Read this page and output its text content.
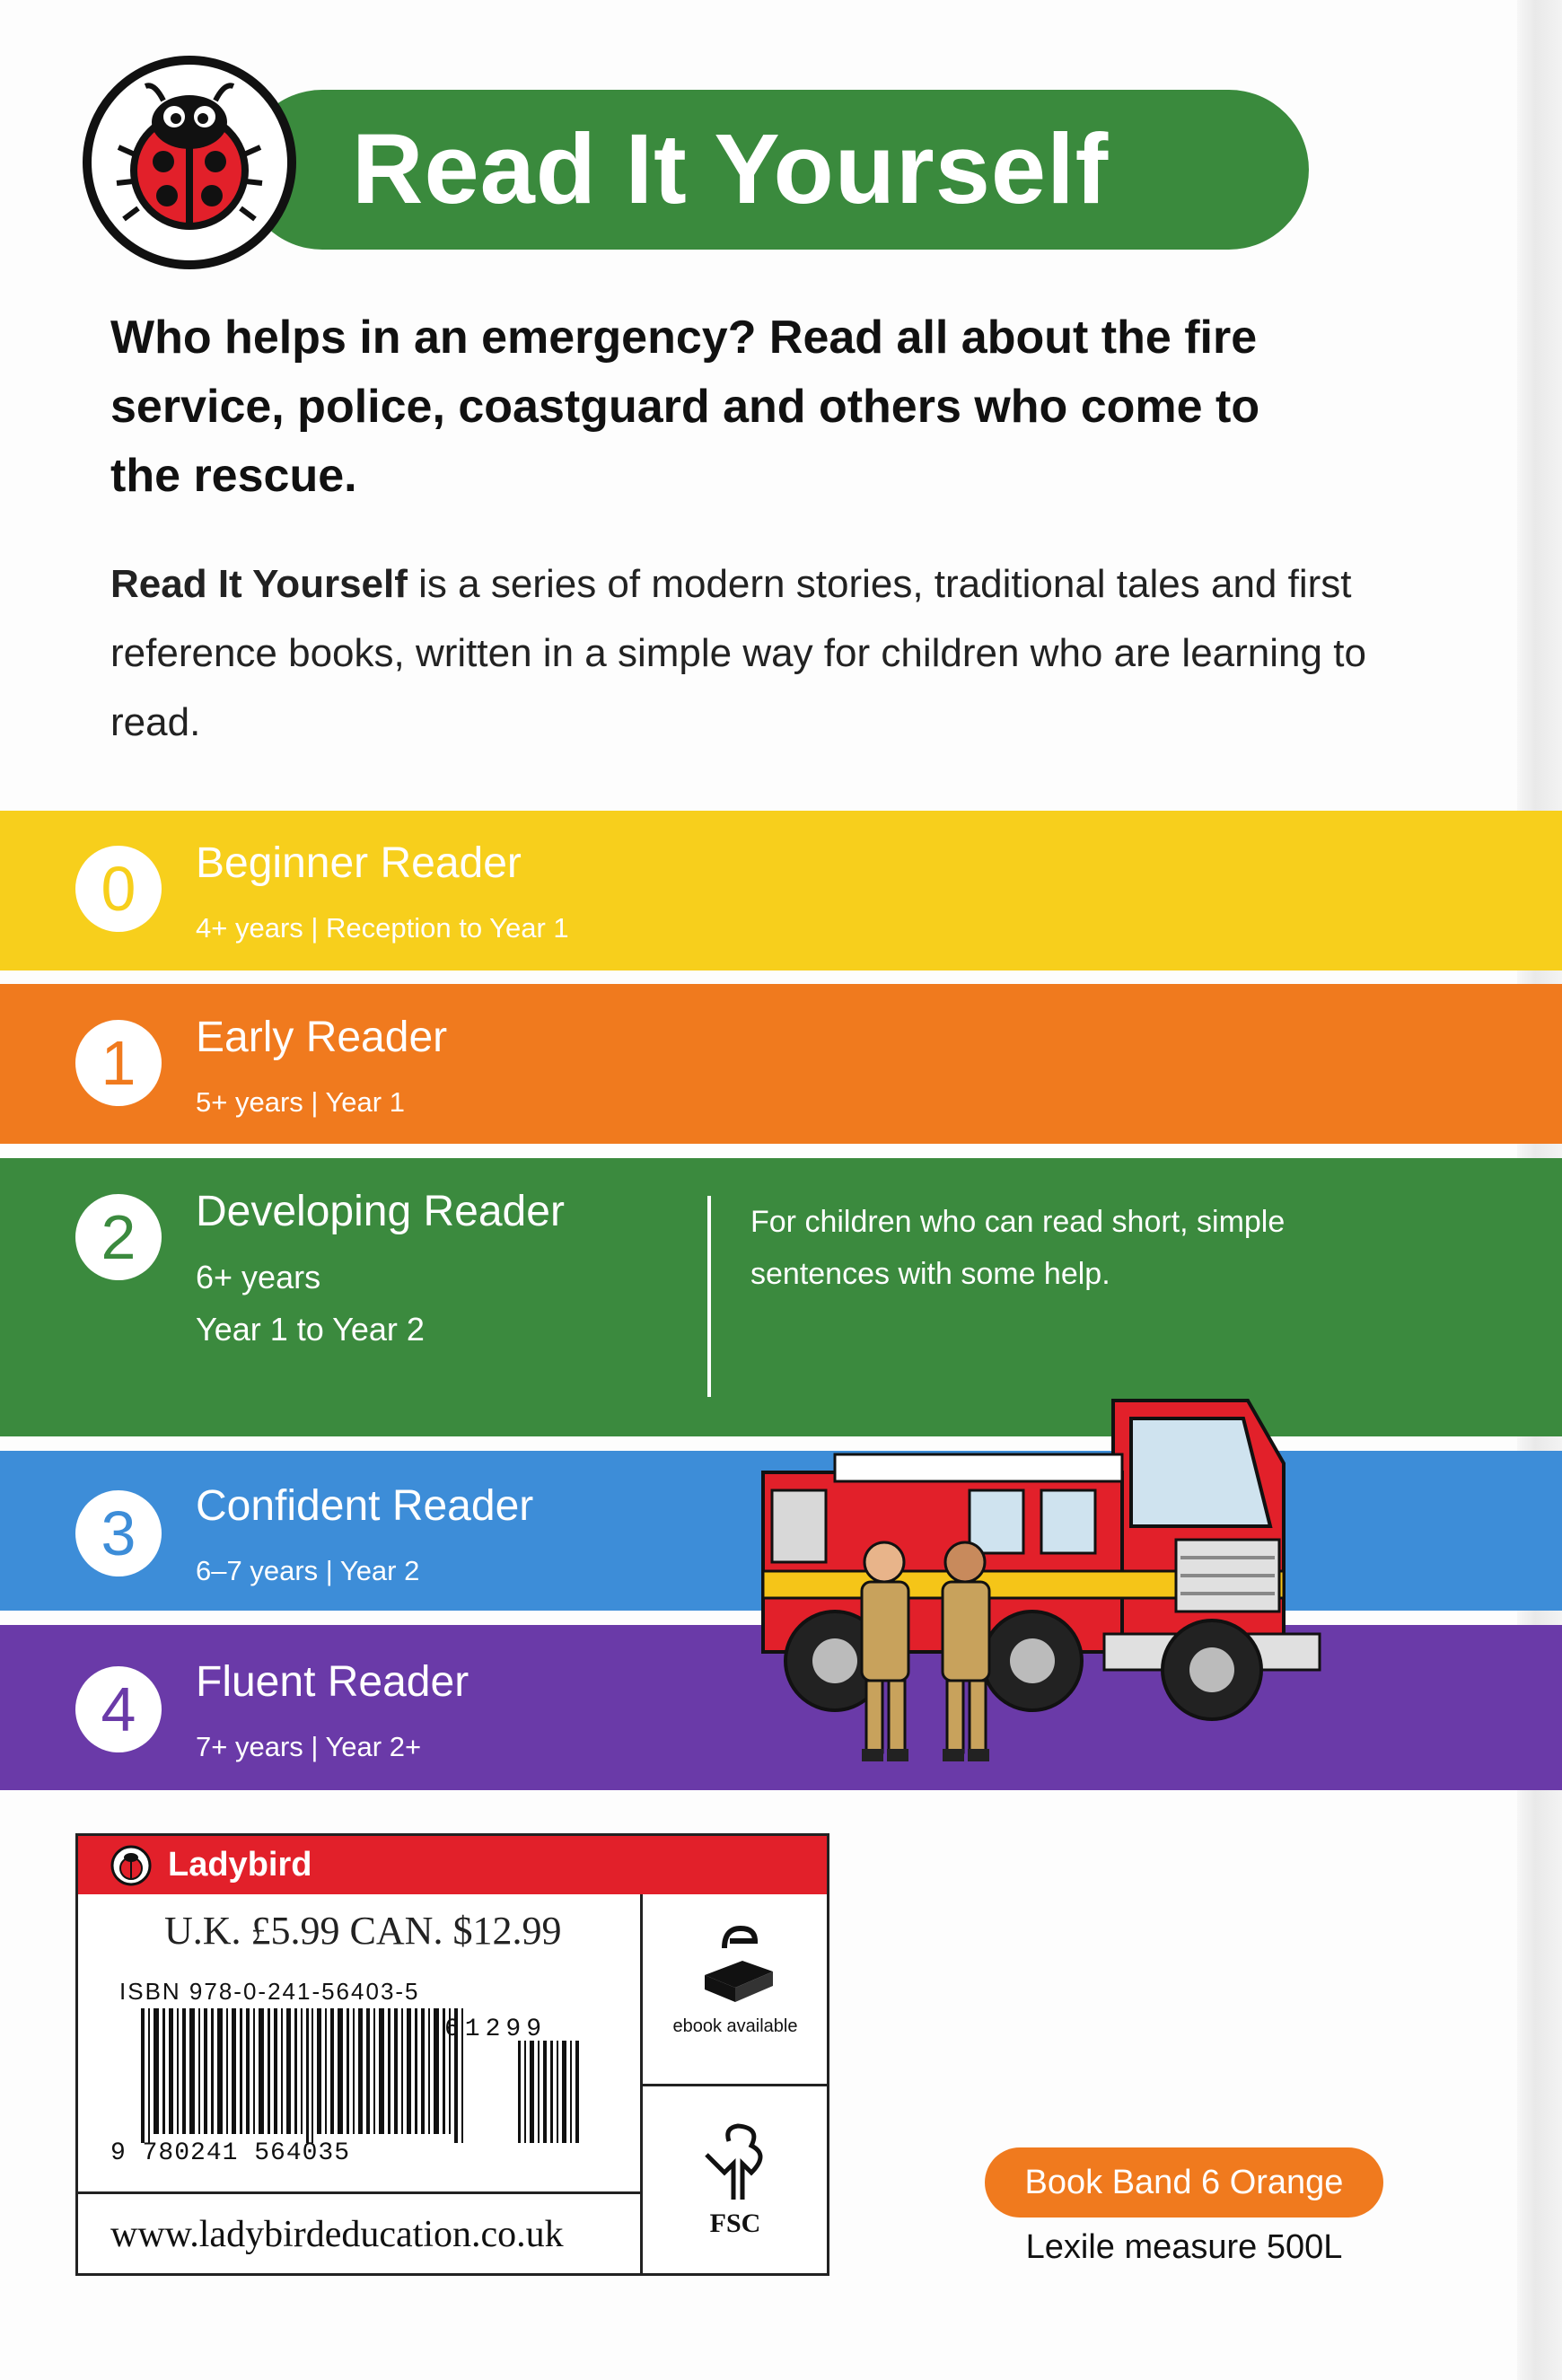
Read It Yourself
Who helps in an emergency? Read all about the fire service, police, coastguard and others who come to the rescue.
Read It Yourself is a series of modern stories, traditional tales and first reference books, written in a simple way for children who are learning to read.
0	Beginner Reader
4+ years | Reception to Year 1
1	Early Reader
5+ years | Year 1
2	Developing Reader
6+ years
Year 1 to Year 2
For children who can read short, simple sentences with some help.
3	Confident Reader
6–7 years | Year 2
4	Fluent Reader
7+ years | Year 2+
Ladybird
U.K. £5.99 CAN. $12.99
ISBN 978-0-241-56403-5
61299
9 780241 564035
www.ladybirdeducation.co.uk
ebook available
FSC
Book Band 6 Orange
Lexile measure 500L
